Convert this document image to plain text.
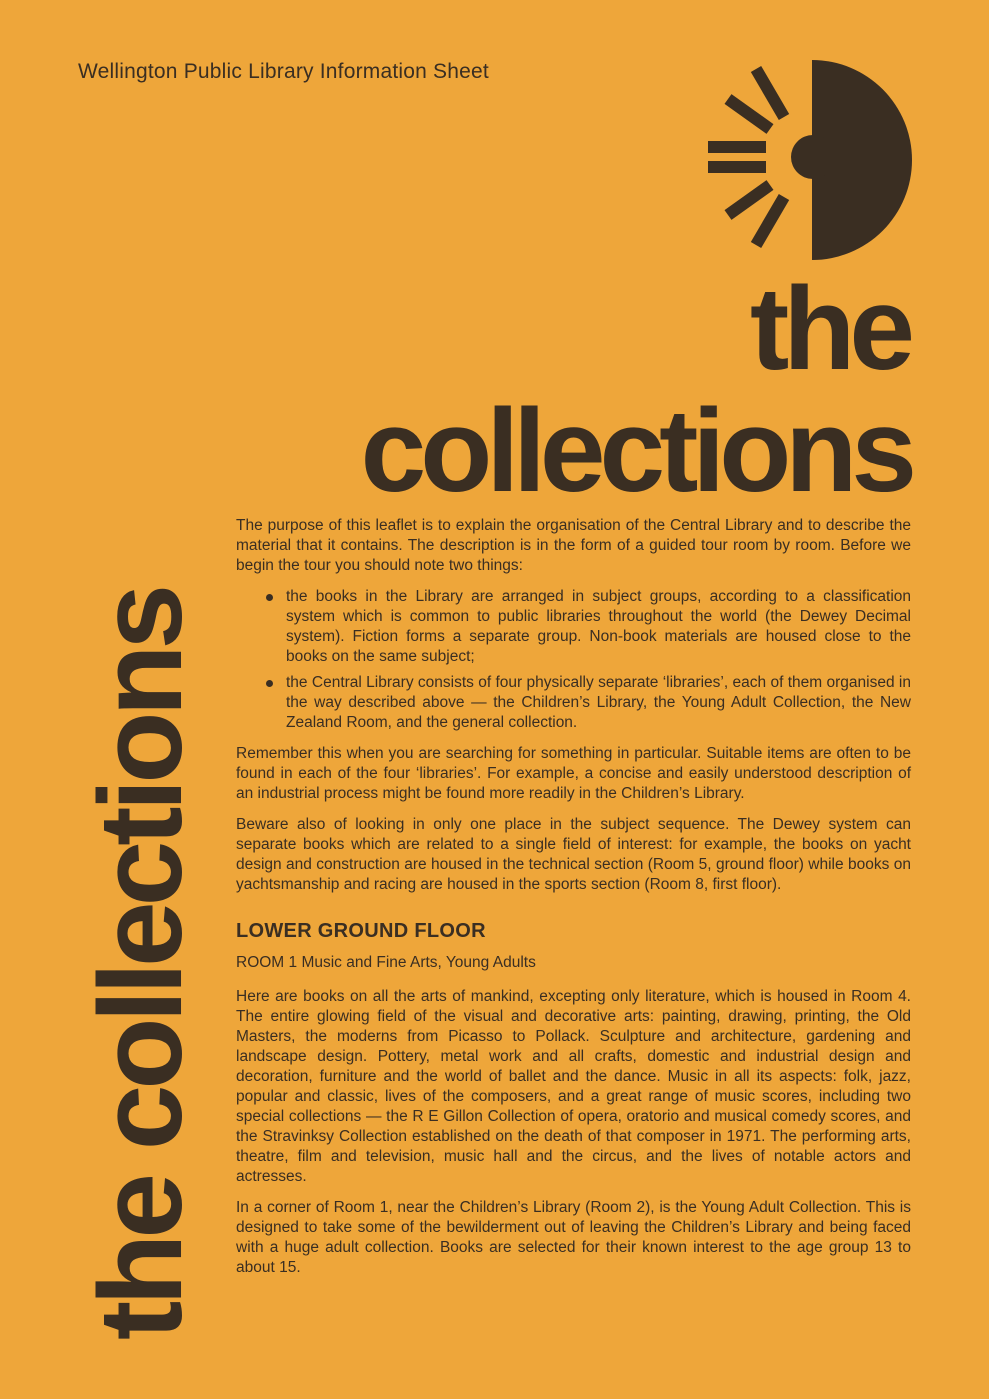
Wellington Public Library Information Sheet
the
collections
the collections

The purpose of this leaflet is to explain the organisation of the Central Library and to describe the material that it contains. The description is in the form of a guided tour room by room. Before we begin the tour you should note two things:

the books in the Library are arranged in subject groups, according to a classification system which is common to public libraries throughout the world (the Dewey Decimal system). Fiction forms a separate group. Non-book materials are housed close to the books on the same subject;
the Central Library consists of four physically separate ‘libraries’, each of them organised in the way described above — the Children’s Library, the Young Adult Collection, the New Zealand Room, and the general collection.

Remember this when you are searching for something in particular. Suitable items are often to be found in each of the four ‘libraries’. For example, a concise and easily understood description of an industrial process might be found more readily in the Children’s Library.

Beware also of looking in only one place in the subject sequence. The Dewey system can separate books which are related to a single field of interest: for example, the books on yacht design and construction are housed in the technical section (Room 5, ground floor) while books on yachtsmanship and racing are housed in the sports section (Room 8, first floor).

LOWER GROUND FLOOR
ROOM 1 Music and Fine Arts, Young Adults

Here are books on all the arts of mankind, excepting only literature, which is housed in Room 4. The entire glowing field of the visual and decorative arts: painting, drawing, printing, the Old Masters, the moderns from Picasso to Pollack. Sculpture and architecture, gardening and landscape design. Pottery, metal work and all crafts, domestic and industrial design and decoration, furniture and the world of ballet and the dance. Music in all its aspects: folk, jazz, popular and classic, lives of the composers, and a great range of music scores, including two special collections — the R E Gillon Collection of opera, oratorio and musical comedy scores, and the Stravinksy Collection established on the death of that composer in 1971. The performing arts, theatre, film and television, music hall and the circus, and the lives of notable actors and actresses.

In a corner of Room 1, near the Children’s Library (Room 2), is the Young Adult Collection. This is designed to take some of the bewilderment out of leaving the Children’s Library and being faced with a huge adult collection. Books are selected for their known interest to the age group 13 to about 15.
